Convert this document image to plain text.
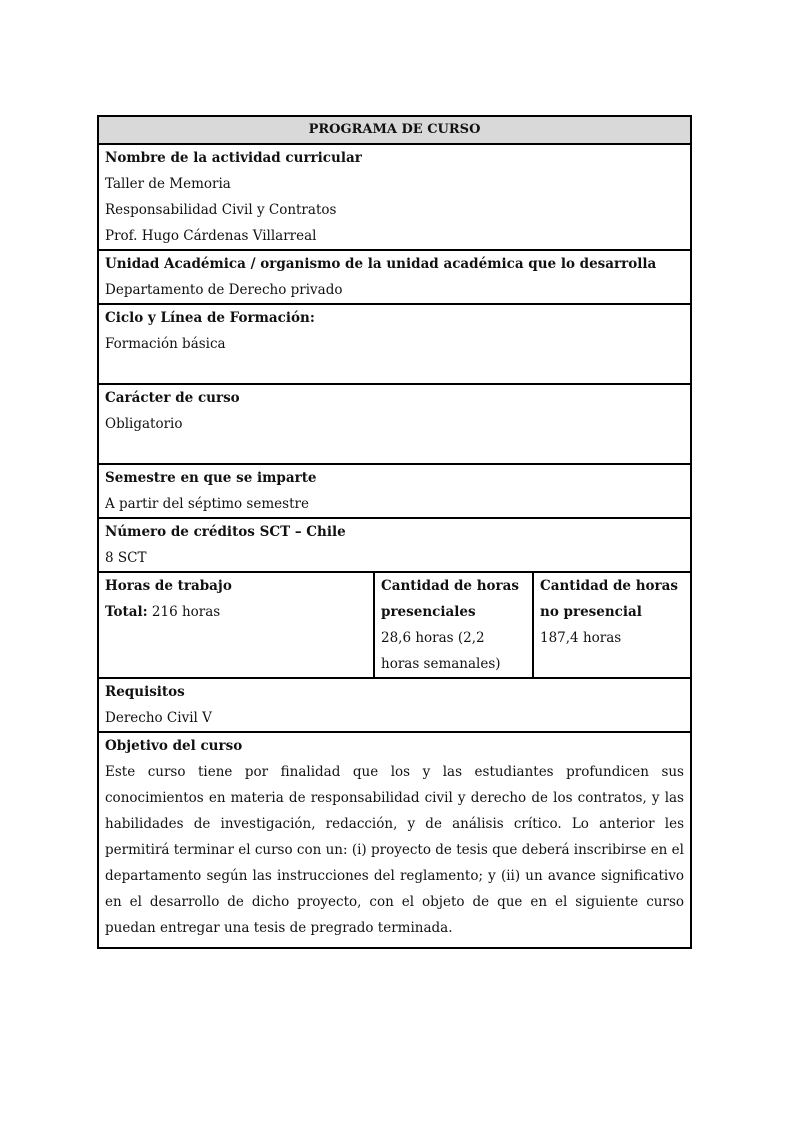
PROGRAMA DE CURSO

Nombre de la actividad curricular
Taller de Memoria
Responsabilidad Civil y Contratos
Prof. Hugo Cárdenas Villarreal

Unidad Académica / organismo de la unidad académica que lo desarrolla
Departamento de Derecho privado

Ciclo y Línea de Formación:
Formación básica

Carácter de curso
Obligatorio

Semestre en que se imparte
A partir del séptimo semestre

Número de créditos SCT – Chile
8 SCT

Horas de trabajo
Total: 216 horas

Cantidad de horas presenciales
28,6 horas (2,2 horas semanales)

Cantidad de horas no presencial
187,4 horas

Requisitos
Derecho Civil V

Objetivo del curso
Este curso tiene por finalidad que los y las estudiantes profundicen sus conocimientos en materia de responsabilidad civil y derecho de los contratos, y las habilidades de investigación, redacción, y de análisis crítico. Lo anterior les permitirá terminar el curso con un: (i) proyecto de tesis que deberá inscribirse en el departamento según las instrucciones del reglamento; y (ii) un avance significativo en el desarrollo de dicho proyecto, con el objeto de que en el siguiente curso puedan entregar una tesis de pregrado terminada.
